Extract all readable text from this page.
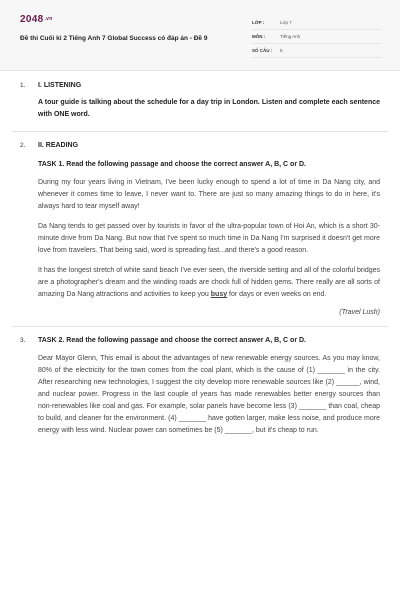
$2048^{.vn}$
Đề thi Cuối kì 2 Tiếng Anh 7 Global Success có đáp án - Đề 9
LỚP :	Lớp 7
MÔN :	Tiếng Anh
SỐ CÂU :	5
1. I. LISTENING

A tour guide is talking about the schedule for a day trip in London. Listen and complete each sentence with ONE word.

2. II. READING
TASK 1. Read the following passage and choose the correct answer A, B, C or D.

During my four years living in Vietnam, I've been lucky enough to spend a lot of time in Da Nang city, and whenever it comes time to leave, I never want to. There are just so many amazing things to do in here, it's always hard to tear myself away!

Da Nang tends to get passed over by tourists in favor of the ultra-popular town of Hoi An, which is a short 30-minute drive from Da Nang. But now that I've spent so much time in Da Nang I'm surprised it doesn't get more love from travelers. That being said, word is spreading fast...and there's a good reason.

It has the longest stretch of white sand beach I've ever seen, the riverside setting and all of the colorful bridges are a photographer's dream and the winding roads are chock full of hidden gems. There really are all sorts of amazing Da Nang attractions and activities to keep you busy for days or even weeks on end.

(Travel Lush)
3. TASK 2. Read the following passage and choose the correct answer A, B, C or D.

Dear Mayor Glenn, This email is about the advantages of new renewable energy sources. As you may know, 80% of the electricity for the town comes from the coal plant, which is the cause of (1) _______ in the city. After researching new technologies, I suggest the city develop more renewable sources like (2) ______, wind, and nuclear power. Progress in the last couple of years has made renewables better energy sources than non-renewables like coal and gas. For example, solar panels have become less (3) _______ than coal, cheap to build, and cleaner for the environment. (4) _______ have gotten larger, make less noise, and produce more energy with less wind. Nuclear power can sometimes be (5) _______, but it's cheap to run.
